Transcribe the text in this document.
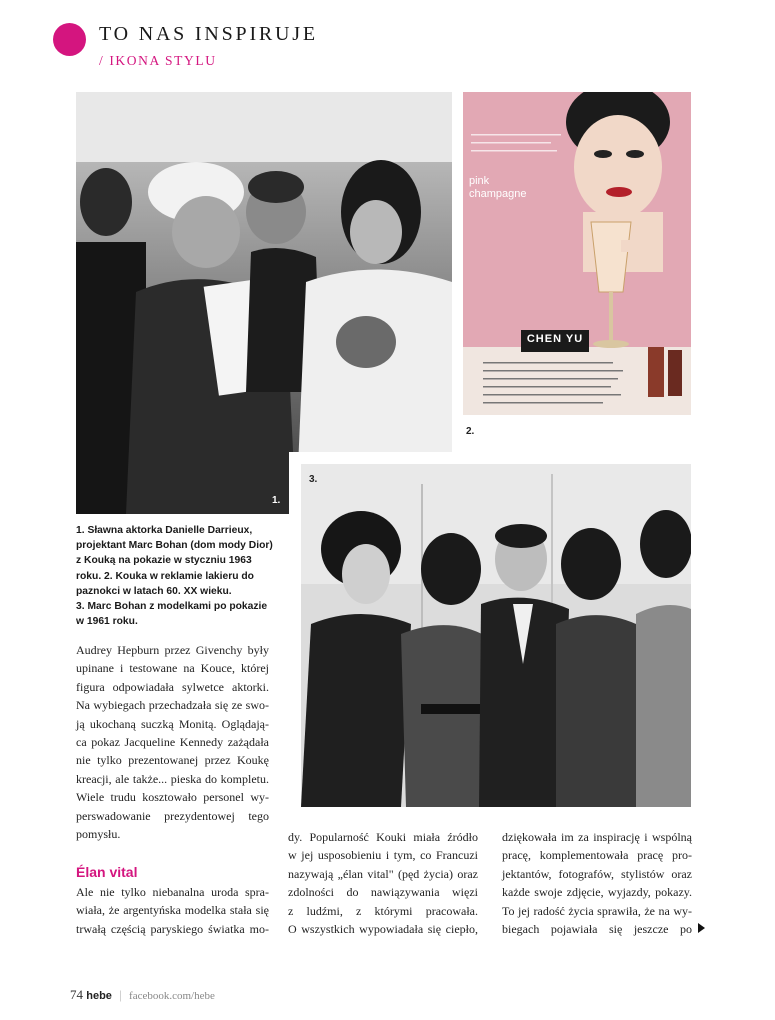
TO NAS INSPIRUJE
/ IKONA STYLU
1.
pink
champagne
CHEN YU
2.
3.
1. Sławna aktorka Danielle Darrieux,
projektant Marc Bohan (dom mody Dior)
z Kouką na pokazie w styczniu 1963
roku. 2. Kouka w reklamie lakieru do
paznokci w latach 60. XX wieku.
3. Marc Bohan z modelkami po pokazie
w 1961 roku.
Audrey Hepburn przez Givenchy były
upinane i testowane na Kouce, której
figura odpowiadała sylwetce aktorki.
Na wybiegach przechadzała się ze swo-
ją ukochaną suczką Monitą. Oglądają-
ca pokaz Jacqueline Kennedy zażądała
nie tylko prezentowanej przez Koukę
kreacji, ale także... pieska do kompletu.
Wiele trudu kosztowało personel wy-
perswadowanie prezydentowej tego
pomysłu.
Élan vital
Ale nie tylko niebanalna uroda spra-
wiała, że argentyńska modelka stała się
trwałą częścią paryskiego światka mo-
dy. Popularność Kouki miała źródło
w jej usposobieniu i tym, co Francuzi
nazywają „élan vital" (pęd życia) oraz
zdolności do nawiązywania więzi
z ludźmi, z którymi pracowała.
O wszystkich wypowiadała się ciepło,
dziękowała im za inspirację i wspólną
pracę, komplementowała pracę pro-
jektantów, fotografów, stylistów oraz
każde swoje zdjęcie, wyjazdy, pokazy.
To jej radość życia sprawiła, że na wy-
biegach pojawiała się jeszcze po
74 hebe | facebook.com/hebe
